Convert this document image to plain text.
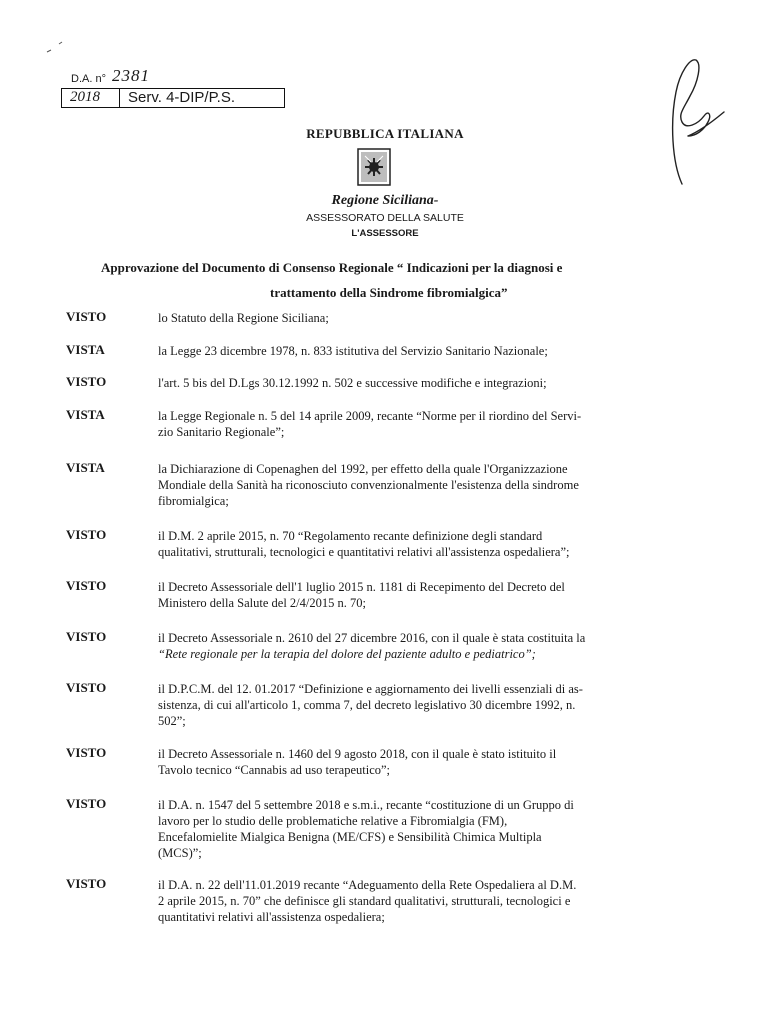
D.A. n° 2381
2018 Serv. 4-DIP/P.S.
REPUBBLICA ITALIANA
Regione Siciliana-
ASSESSORATO DELLA SALUTE
L'ASSESSORE
Approvazione del Documento di Consenso Regionale “ Indicazioni per la diagnosi e
trattamento della Sindrome fibromialgica”
VISTO	lo Statuto della Regione Siciliana;
VISTA	la Legge 23 dicembre 1978, n. 833 istitutiva del Servizio Sanitario Nazionale;
VISTO	l'art. 5 bis del D.Lgs 30.12.1992 n. 502 e successive modifiche e integrazioni;
VISTA	la Legge Regionale n. 5 del 14 aprile 2009, recante “Norme per il riordino del Servi-
zio Sanitario Regionale”;
VISTA	la Dichiarazione di Copenaghen del 1992, per effetto della quale l'Organizzazione
Mondiale della Sanità ha riconosciuto convenzionalmente l'esistenza della sindrome
fibromialgica;
VISTO	il D.M. 2 aprile 2015, n. 70 “Regolamento recante definizione degli standard
qualitativi, strutturali, tecnologici e quantitativi relativi all'assistenza ospedaliera”;
VISTO	il Decreto Assessoriale dell'1 luglio 2015 n. 1181 di Recepimento del Decreto del
Ministero della Salute del 2/4/2015 n. 70;
VISTO	il Decreto Assessoriale n. 2610 del 27 dicembre 2016, con il quale è stata costituita la
“Rete regionale per la terapia del dolore del paziente adulto e pediatrico”;
VISTO	il D.P.C.M. del 12. 01.2017 “Definizione e aggiornamento dei livelli essenziali di as-
sistenza, di cui all'articolo 1, comma 7, del decreto legislativo 30 dicembre 1992, n.
502”;
VISTO	il Decreto Assessoriale n. 1460 del 9 agosto 2018, con il quale è stato istituito il
Tavolo tecnico “Cannabis ad uso terapeutico”;
VISTO	il D.A. n. 1547 del 5 settembre 2018 e s.m.i., recante “costituzione di un Gruppo di
lavoro per lo studio delle problematiche relative a Fibromialgia (FM),
Encefalomielite Mialgica Benigna (ME/CFS) e Sensibilità Chimica Multipla
(MCS)”;
VISTO	il D.A. n. 22 dell'11.01.2019 recante “Adeguamento della Rete Ospedaliera al D.M.
2 aprile 2015, n. 70” che definisce gli standard qualitativi, strutturali, tecnologici e
quantitativi relativi all'assistenza ospedaliera;
